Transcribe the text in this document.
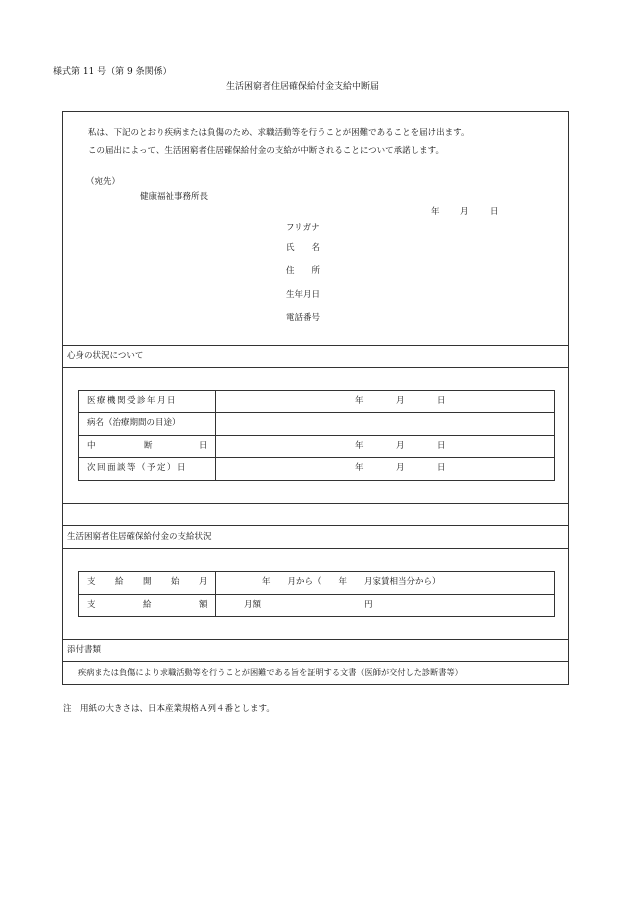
様式第 11 号（第 9 条関係）
生活困窮者住居確保給付金支給中断届
私は、下記のとおり疾病または負傷のため、求職活動等を行うことが困難であることを届け出ます。
この届出によって、生活困窮者住居確保給付金の支給が中断されることについて承諾します。
（宛先）
健康福祉事務所長
年 月	日
フリガナ
氏　　名
住　　所
生年月日
電話番号
心身の状況について
医療機関受診年月日	年	月	日
病名（治療期間の目途）
中	断	日	年	月	日
次回面談等（予定）日	年	月	日
生活困窮者住居確保給付金の支給状況
支 給 開 始 月	年　　月から（　　年　　月家賃相当分から）
支	給	額	月額	円
添付書類
疾病または負傷により求職活動等を行うことが困難である旨を証明する文書（医師が交付した診断書等）
注　用紙の大きさは、日本産業規格Ａ列４番とします。
